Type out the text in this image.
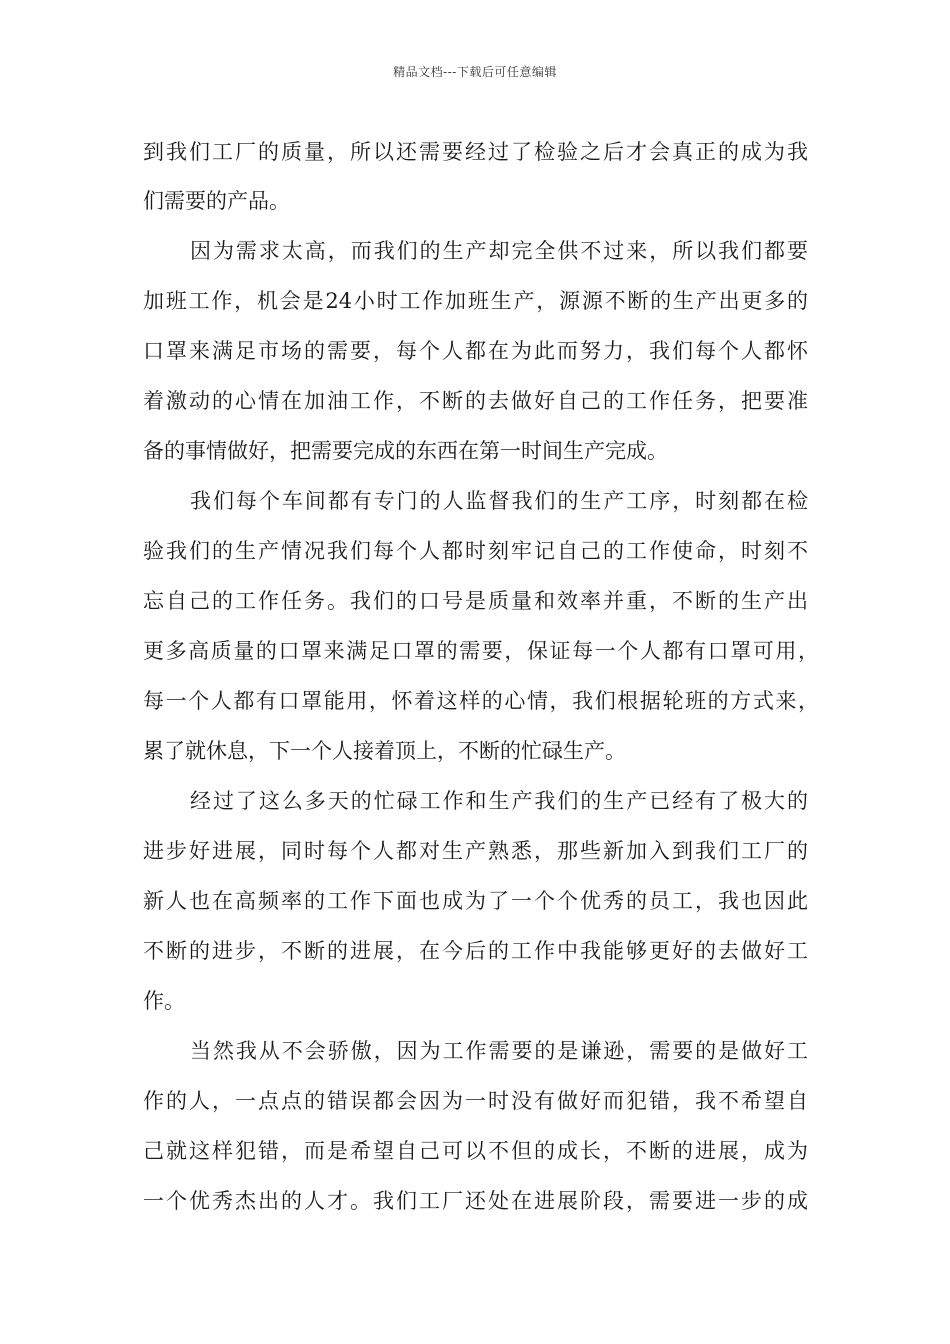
精品文档---下载后可任意编辑
到我们工厂的质量，所以还需要经过了检验之后才会真正的成为我
们需要的产品。
因为需求太高，而我们的生产却完全供不过来，所以我们都要
加班工作，机会是24小时工作加班生产，源源不断的生产出更多的
口罩来满足市场的需要，每个人都在为此而努力，我们每个人都怀
着激动的心情在加油工作，不断的去做好自己的工作任务，把要准
备的事情做好，把需要完成的东西在第一时间生产完成。
我们每个车间都有专门的人监督我们的生产工序，时刻都在检
验我们的生产情况我们每个人都时刻牢记自己的工作使命，时刻不
忘自己的工作任务。我们的口号是质量和效率并重，不断的生产出
更多高质量的口罩来满足口罩的需要，保证每一个人都有口罩可用，
每一个人都有口罩能用，怀着这样的心情，我们根据轮班的方式来，
累了就休息，下一个人接着顶上，不断的忙碌生产。
经过了这么多天的忙碌工作和生产我们的生产已经有了极大的
进步好进展，同时每个人都对生产熟悉，那些新加入到我们工厂的
新人也在高频率的工作下面也成为了一个个优秀的员工，我也因此
不断的进步，不断的进展，在今后的工作中我能够更好的去做好工
作。
当然我从不会骄傲，因为工作需要的是谦逊，需要的是做好工
作的人，一点点的错误都会因为一时没有做好而犯错，我不希望自
己就这样犯错，而是希望自己可以不但的成长，不断的进展，成为
一个优秀杰出的人才。我们工厂还处在进展阶段，需要进一步的成
